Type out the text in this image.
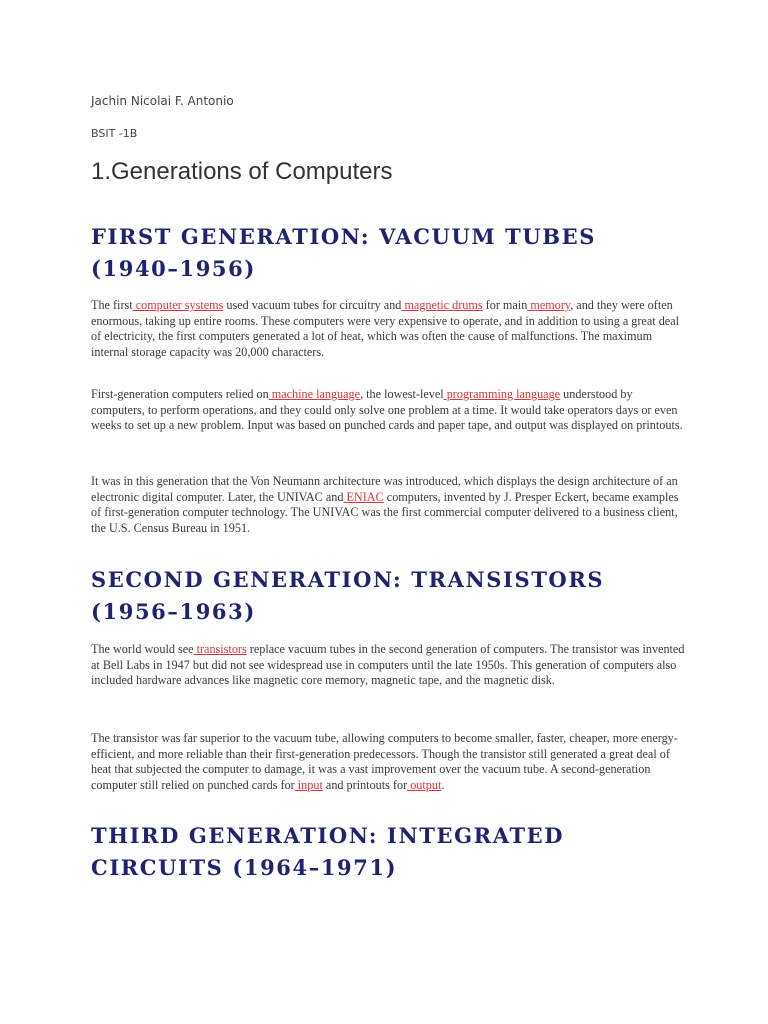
Jachin Nicolai F. Antonio
BSIT -1B
1.Generations of Computers
FIRST GENERATION: VACUUM TUBES (1940–1956)

The first computer systems used vacuum tubes for circuitry and magnetic drums for main memory, and they were often enormous, taking up entire rooms. These computers were very expensive to operate, and in addition to using a great deal of electricity, the first computers generated a lot of heat, which was often the cause of malfunctions. The maximum internal storage capacity was 20,000 characters.

First-generation computers relied on machine language, the lowest-level programming language understood by computers, to perform operations, and they could only solve one problem at a time. It would take operators days or even weeks to set up a new problem. Input was based on punched cards and paper tape, and output was displayed on printouts.

It was in this generation that the Von Neumann architecture was introduced, which displays the design architecture of an electronic digital computer. Later, the UNIVAC and ENIAC computers, invented by J. Presper Eckert, became examples of first-generation computer technology. The UNIVAC was the first commercial computer delivered to a business client, the U.S. Census Bureau in 1951.

SECOND GENERATION: TRANSISTORS (1956–1963)

The world would see transistors replace vacuum tubes in the second generation of computers. The transistor was invented at Bell Labs in 1947 but did not see widespread use in computers until the late 1950s. This generation of computers also included hardware advances like magnetic core memory, magnetic tape, and the magnetic disk.

The transistor was far superior to the vacuum tube, allowing computers to become smaller, faster, cheaper, more energy-efficient, and more reliable than their first-generation predecessors. Though the transistor still generated a great deal of heat that subjected the computer to damage, it was a vast improvement over the vacuum tube. A second-generation computer still relied on punched cards for input and printouts for output.

THIRD GENERATION: INTEGRATED CIRCUITS (1964–1971)
